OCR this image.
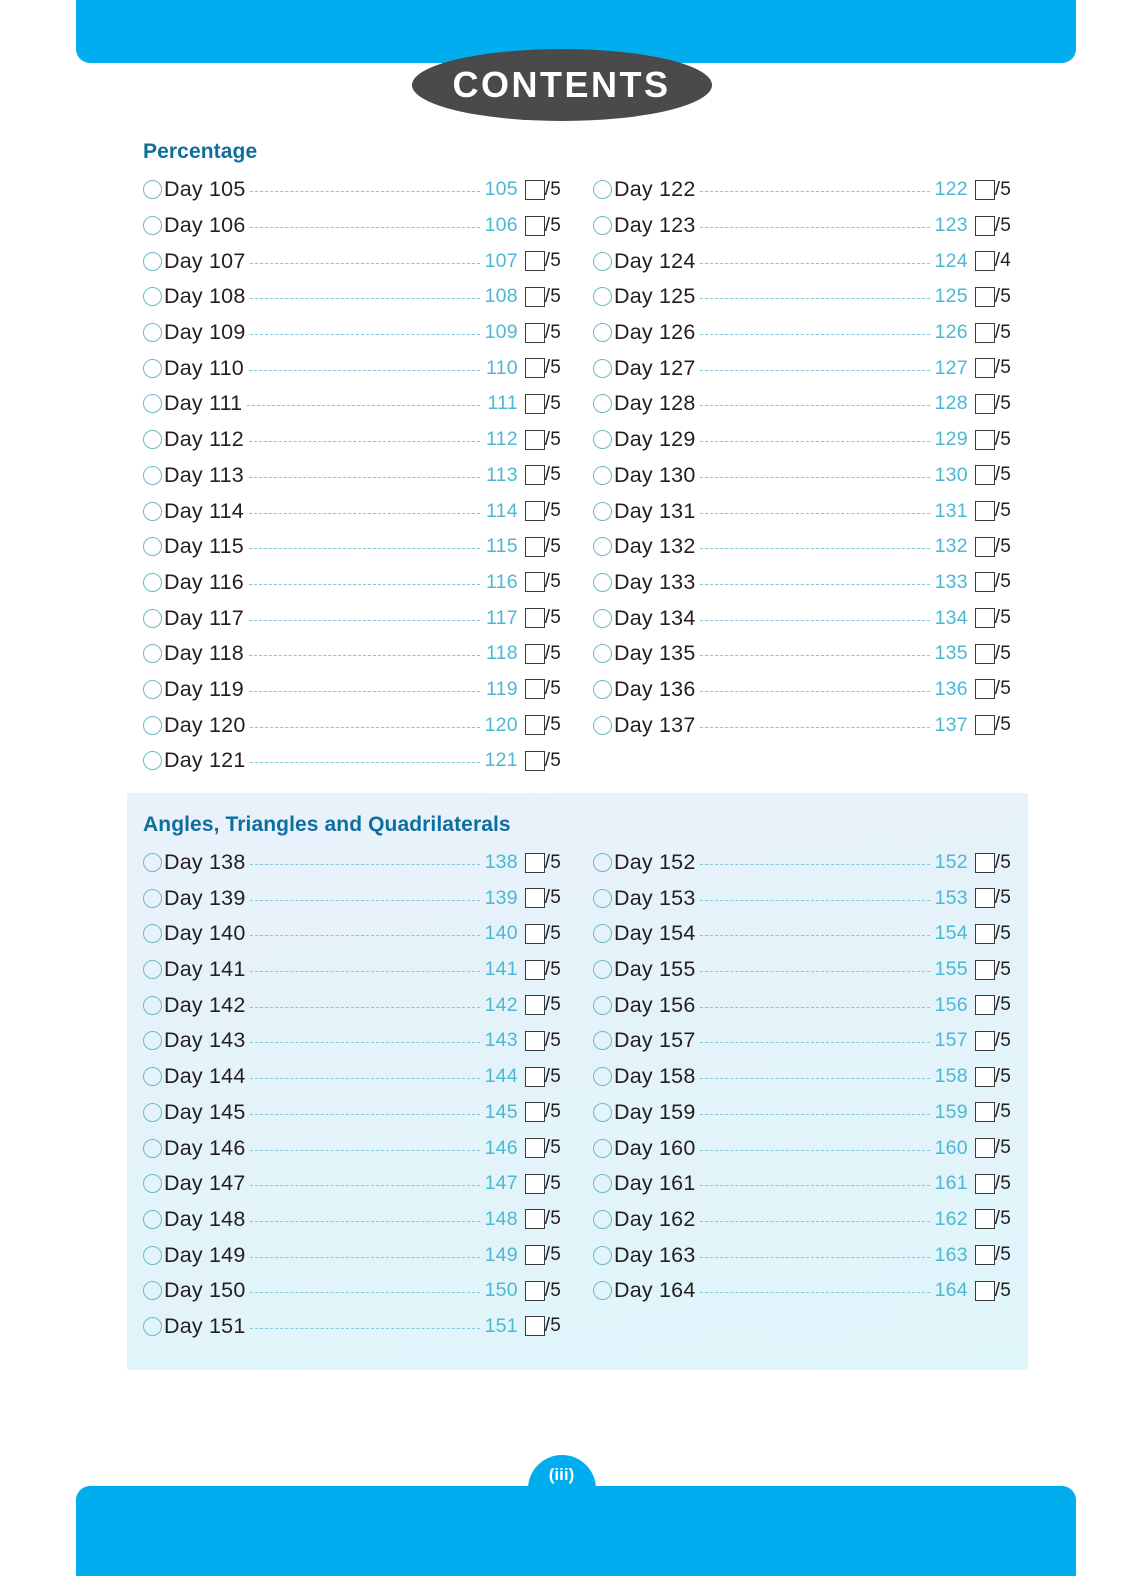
CONTENTS
Percentage
Day 105	105	/5
Day 106	106	/5
Day 107	107	/5
Day 108	108	/5
Day 109	109	/5
Day 110	110	/5
Day 111	111	/5
Day 112	112	/5
Day 113	113	/5
Day 114	114	/5
Day 115	115	/5
Day 116	116	/5
Day 117	117	/5
Day 118	118	/5
Day 119	119	/5
Day 120	120	/5
Day 121	121	/5
Day 122	122	/5
Day 123	123	/5
Day 124	124	/4
Day 125	125	/5
Day 126	126	/5
Day 127	127	/5
Day 128	128	/5
Day 129	129	/5
Day 130	130	/5
Day 131	131	/5
Day 132	132	/5
Day 133	133	/5
Day 134	134	/5
Day 135	135	/5
Day 136	136	/5
Day 137	137	/5
Angles, Triangles and Quadrilaterals
Day 138	138	/5
Day 139	139	/5
Day 140	140	/5
Day 141	141	/5
Day 142	142	/5
Day 143	143	/5
Day 144	144	/5
Day 145	145	/5
Day 146	146	/5
Day 147	147	/5
Day 148	148	/5
Day 149	149	/5
Day 150	150	/5
Day 151	151	/5
Day 152	152	/5
Day 153	153	/5
Day 154	154	/5
Day 155	155	/5
Day 156	156	/5
Day 157	157	/5
Day 158	158	/5
Day 159	159	/5
Day 160	160	/5
Day 161	161	/5
Day 162	162	/5
Day 163	163	/5
Day 164	164	/5
(iii)
